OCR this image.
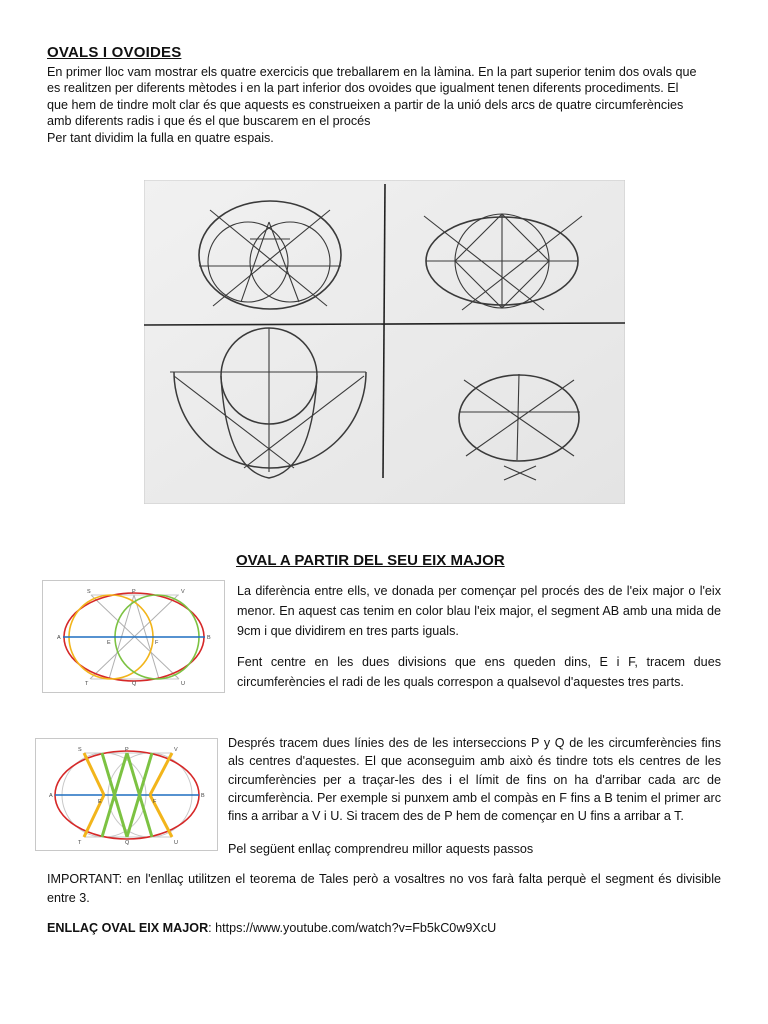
OVALS I OVOIDES
En primer lloc vam mostrar els quatre exercicis que treballarem en la làmina. En la part superior tenim dos ovals que
es realitzen per diferents mètodes i en la part inferior dos ovoides que igualment tenen diferents procediments. El
que hem de tindre molt clar és que aquests es construeixen a partir de la unió dels arcs de quatre circumferències
amb diferents radis i que és el que buscarem en el procés
Per tant dividim la fulla en quatre espais.
OVAL A PARTIR DEL SEU EIX MAJOR
S	P	V
A
E	F
B
T	Q	U
La diferència entre ells, ve donada per començar pel procés des de l'eix major o l'eix menor. En aquest cas tenim en color blau l'eix major, el segment AB amb una mida de 9cm i que dividirem en tres parts iguals.
Fent centre en les dues divisions que ens queden dins, E i F, tracem dues circumferències el radi de les quals correspon a qualsevol d'aquestes tres parts.
S	P	V
A
E	F
B
T	Q	U
Després tracem dues línies des de les interseccions P y Q de les circumferències fins als centres d'aquestes. El que aconseguim amb això és tindre tots els centres de les circumferències per a traçar-les des i el límit de fins on ha d'arribar cada arc de circumferència. Per exemple si punxem amb el compàs en F fins a B tenim el primer arc fins a arribar a V i U. Si tracem des de P hem de començar en U fins a arribar a T.
Pel següent enllaç comprendreu millor aquests passos
IMPORTANT: en l'enllaç utilitzen el teorema de Tales però a vosaltres no vos farà falta perquè el segment és divisible entre 3.
ENLLAÇ OVAL EIX MAJOR: https://www.youtube.com/watch?v=Fb5kC0w9XcU
